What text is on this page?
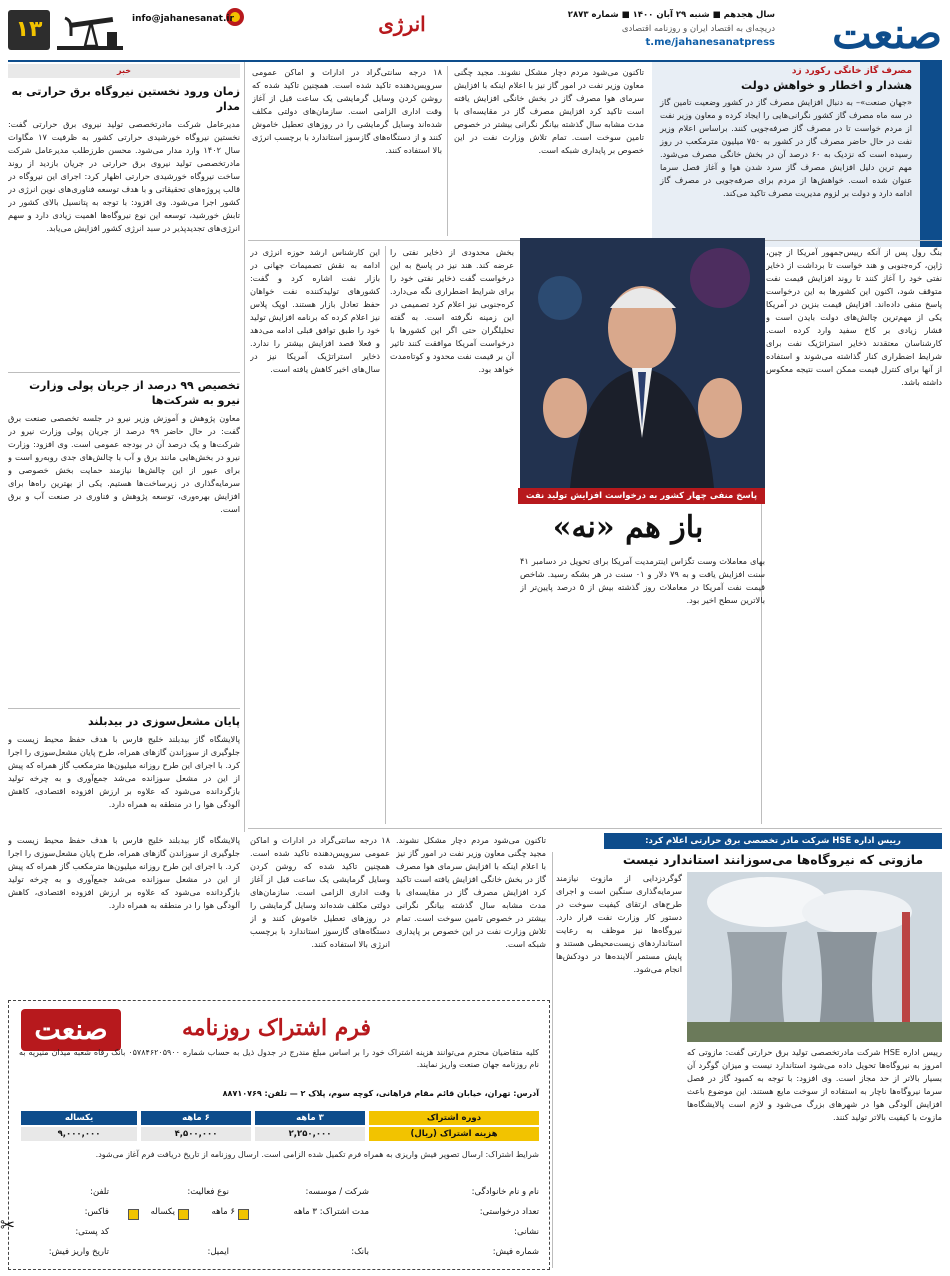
صنعت
سال هجدهم ■ شنبه ۲۹ آبان ۱۴۰۰ ■ شماره ۲۸۷۳
دریچه‌ای به اقتصاد ایران و روزنامه اقتصادی
t.me/jahanesanatpress
انرژی
info@jahanesanat.ir
۱۳
مصرف گاز خانگی رکورد زد
هشدار و اخطار و خواهش دولت
«جهان صنعت»– به دنبال افزایش مصرف گاز در کشور وضعیت تامین گاز در سه ماه مصرف گاز کشور نگرانی‌هایی را ایجاد کرده و معاون وزیر نفت از مردم خواست تا در مصرف گاز صرفه‌جویی کنند. براساس اعلام وزیر نفت در حال حاضر مصرف گاز در کشور به ۷۵۰ میلیون مترمکعب در روز رسیده است که نزدیک به ۶۰ درصد آن در بخش خانگی مصرف می‌شود. مهم ترین دلیل افزایش مصرف گاز سرد شدن هوا و آغاز فصل سرما عنوان شده است. خواهش‌ها از مردم برای صرفه‌جویی در مصرف گاز ادامه دارد و دولت بر لزوم مدیریت مصرف تاکید می‌کند.
تاکنون می‌شود مردم دچار مشکل نشوند. مجید چگنی معاون وزیر نفت در امور گاز نیز با اعلام اینکه با افزایش سرمای هوا مصرف گاز در بخش خانگی افزایش یافته است تاکید کرد افزایش مصرف گاز در مقایسه‌ای با مدت مشابه سال گذشته بیانگر نگرانی بیشتر در خصوص تامین سوخت است. تمام تلاش وزارت نفت در این خصوص بر پایداری شبکه است.
۱۸ درجه سانتی‌گراد در ادارات و اماکن عمومی سرویس‌دهنده تاکید شده است. همچنین تاکید شده که روشن کردن وسایل گرمایشی یک ساعت قبل از آغاز وقت اداری الزامی است. سازمان‌های دولتی مکلف شده‌اند وسایل گرمایشی را در روزهای تعطیل خاموش کنند و از دستگاه‌های گازسوز استاندارد با برچسب انرژی بالا استفاده کنند.
خبر
زمان ورود نخستین نیروگاه برق حرارتی به مدار
مدیرعامل شرکت مادرتخصصی تولید نیروی برق حرارتی گفت: نخستین نیروگاه خورشیدی حرارتی کشور به ظرفیت ۱۷ مگاوات سال ۱۴۰۲ وارد مدار می‌شود. محسن طرزطلب مدیرعامل شرکت مادرتخصصی تولید نیروی برق حرارتی در جریان بازدید از روند ساخت نیروگاه خورشیدی حرارتی اظهار کرد: اجرای این نیروگاه در قالب پروژه‌های تحقیقاتی و با هدف توسعه فناوری‌های نوین انرژی در کشور اجرا می‌شود. وی افزود: با توجه به پتانسیل بالای کشور در تابش خورشید، توسعه این نوع نیروگاه‌ها اهمیت زیادی دارد و سهم انرژی‌های تجدیدپذیر در سبد انرژی کشور افزایش می‌یابد.
تخصیص ۹۹ درصد از جریان پولی وزارت نیرو به شرکت‌ها
معاون پژوهش و آموزش وزیر نیرو در جلسه تخصصی صنعت برق گفت: در حال حاضر ۹۹ درصد از جریان پولی وزارت نیرو در شرکت‌ها و یک درصد آن در بودجه عمومی است. وی افزود: وزارت نیرو در بخش‌هایی مانند برق و آب با چالش‌های جدی روبه‌رو است و برای عبور از این چالش‌ها نیازمند حمایت بخش خصوصی و سرمایه‌گذاری در زیرساخت‌ها هستیم. یکی از بهترین راه‌ها برای افزایش بهره‌وری، توسعه پژوهش و فناوری در صنعت آب و برق است.
پایان مشعل‌سوزی در بیدبلند
پالایشگاه گاز بیدبلند خلیج فارس با هدف حفظ محیط زیست و جلوگیری از سوزاندن گازهای همراه، طرح پایان مشعل‌سوزی را اجرا کرد. با اجرای این طرح روزانه میلیون‌ها مترمکعب گاز همراه که پیش از این در مشعل سوزانده می‌شد جمع‌آوری و به چرخه تولید بازگردانده می‌شود که علاوه بر ارزش افزوده اقتصادی، کاهش آلودگی هوا را در منطقه به همراه دارد.
بنگ رول پس از آنکه رییس‌جمهور آمریکا از چین، ژاپن، کره‌جنوبی و هند خواست تا برداشت از ذخایر نفتی خود را آغاز کنند تا روند افزایش قیمت نفت متوقف شود، اکنون این کشورها به این درخواست پاسخ منفی داده‌اند. افزایش قیمت بنزین در آمریکا یکی از مهم‌ترین چالش‌های دولت بایدن است و فشار زیادی بر کاخ سفید وارد کرده است. کارشناسان معتقدند ذخایر استراتژیک نفت برای شرایط اضطراری کنار گذاشته می‌شوند و استفاده از آنها برای کنترل قیمت ممکن است نتیجه معکوس داشته باشد.
پاسخ منفی چهار کشور به درخواست افزایش تولید نفت
باز هم «نه»
این کارشناس ارشد حوزه انرژی در ادامه به نقش تصمیمات جهانی در بازار نفت اشاره کرد و گفت: کشورهای تولیدکننده نفت خواهان حفظ تعادل بازار هستند. اوپک پلاس نیز اعلام کرده که برنامه افزایش تولید خود را طبق توافق قبلی ادامه می‌دهد و فعلا قصد افزایش بیشتر را ندارد. ذخایر استراتژیک آمریکا نیز در سال‌های اخیر کاهش یافته است.
بخش محدودی از ذخایر نفتی را عرضه کند. هند نیز در پاسخ به این درخواست گفت ذخایر نفتی خود را برای شرایط اضطراری نگه می‌دارد. کره‌جنوبی نیز اعلام کرد تصمیمی در این زمینه نگرفته است. به گفته تحلیلگران حتی اگر این کشورها با درخواست آمریکا موافقت کنند تاثیر آن بر قیمت نفت محدود و کوتاه‌مدت خواهد بود.
بهای معاملات وست تگزاس اینترمدیت آمریکا برای تحویل در دسامبر ۴۱ سنت افزایش یافت و به ۷۹ دلار و ۰۱ سنت در هر بشکه رسید. شاخص قیمت نفت آمریکا در معاملات روز گذشته بیش از ۵ درصد پایین‌تر از بالاترین سطح اخیر بود.
رییس اداره HSE شرکت مادر تخصصی برق حرارتی اعلام کرد:
مازوتی که نیروگاه‌ها می‌سوزانند استاندارد نیست
گوگردزدایی از مازوت نیازمند سرمایه‌گذاری سنگین است و اجرای طرح‌های ارتقای کیفیت سوخت در دستور کار وزارت نفت قرار دارد. نیروگاه‌ها نیز موظف به رعایت استانداردهای زیست‌محیطی هستند و پایش مستمر آلاینده‌ها در دودکش‌ها انجام می‌شود.
رییس اداره HSE شرکت مادرتخصصی تولید برق حرارتی گفت: مازوتی که امروز به نیروگاه‌ها تحویل داده می‌شود استاندارد نیست و میزان گوگرد آن بسیار بالاتر از حد مجاز است. وی افزود: با توجه به کمبود گاز در فصل سرما نیروگاه‌ها ناچار به استفاده از سوخت مایع هستند. این موضوع باعث افزایش آلودگی هوا در شهرهای بزرگ می‌شود و لازم است پالایشگاه‌ها مازوت با کیفیت بالاتر تولید کنند.
۱۸ درجه سانتی‌گراد در ادارات و اماکن عمومی سرویس‌دهنده تاکید شده است. همچنین تاکید شده که روشن کردن وسایل گرمایشی یک ساعت قبل از آغاز وقت اداری الزامی است. سازمان‌های دولتی مکلف شده‌اند وسایل گرمایشی را در روزهای تعطیل خاموش کنند و از دستگاه‌های گازسوز استاندارد با برچسب انرژی بالا استفاده کنند.
تاکنون می‌شود مردم دچار مشکل نشوند. مجید چگنی معاون وزیر نفت در امور گاز نیز با اعلام اینکه با افزایش سرمای هوا مصرف گاز در بخش خانگی افزایش یافته است تاکید کرد افزایش مصرف گاز در مقایسه‌ای با مدت مشابه سال گذشته بیانگر نگرانی بیشتر در خصوص تامین سوخت است. تمام تلاش وزارت نفت در این خصوص بر پایداری شبکه است.
پالایشگاه گاز بیدبلند خلیج فارس با هدف حفظ محیط زیست و جلوگیری از سوزاندن گازهای همراه، طرح پایان مشعل‌سوزی را اجرا کرد. با اجرای این طرح روزانه میلیون‌ها مترمکعب گاز همراه که پیش از این در مشعل سوزانده می‌شد جمع‌آوری و به چرخه تولید بازگردانده می‌شود که علاوه بر ارزش افزوده اقتصادی، کاهش آلودگی هوا را در منطقه به همراه دارد.
فرم اشتراک روزنامه
صنعت
کلیه متقاضیان محترم می‌توانند هزینه اشتراک خود را بر اساس مبلغ مندرج در جدول ذیل به حساب شماره ۰۵۷۸۴۶۲۰۵۹۰۰ بانک رفاه شعبه میدان منیریه به نام روزنامه جهان صنعت واریز نمایند.
آدرس: تهران، خیابان قائم مقام فراهانی، کوچه سوم، پلاک ۲ — تلفن: ۸۸۷۱۰۷۶۹
دوره اشتراک
هزینه اشتراک (ریال)
۳ ماهه
۶ ماهه
یکساله
۲,۲۵۰,۰۰۰
۴,۵۰۰,۰۰۰
۹,۰۰۰,۰۰۰
شرایط اشتراک: ارسال تصویر فیش واریزی به همراه فرم تکمیل شده الزامی است. ارسال روزنامه از تاریخ دریافت فرم آغاز می‌شود.
نام و نام خانوادگی:
شرکت / موسسه:
نوع فعالیت:
تلفن:
تعداد درخواستی:
مدت اشتراک: ۳ ماهه
۶ ماهه
یکساله
فاکس:
نشانی:
کد پستی:
شماره فیش:
بانک:
ایمیل:
تاریخ واریز فیش:
✂
